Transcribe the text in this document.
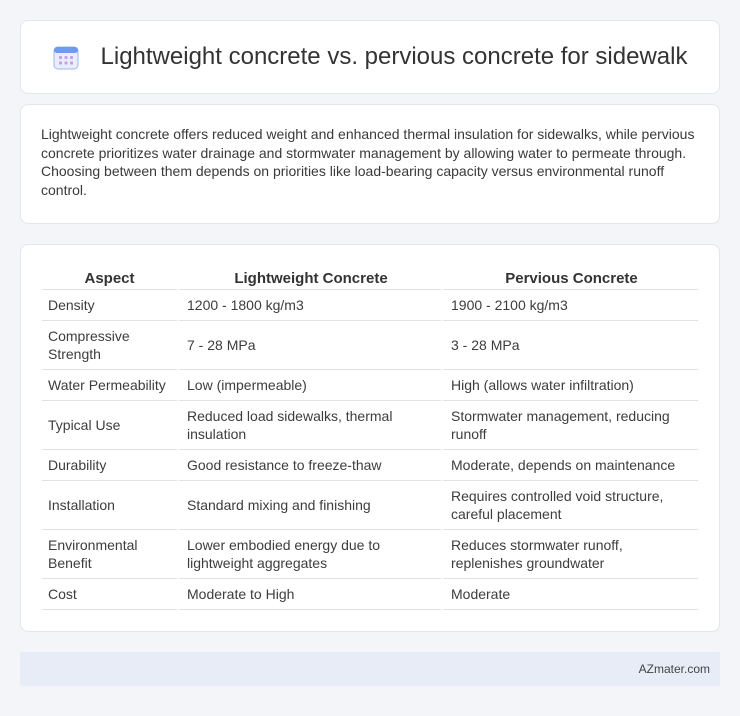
Lightweight concrete vs. pervious concrete for sidewalk

Lightweight concrete offers reduced weight and enhanced thermal insulation for sidewalks, while pervious concrete prioritizes water drainage and stormwater management by allowing water to permeate through. Choosing between them depends on priorities like load-bearing capacity versus environmental runoff control.

Aspect	Lightweight Concrete	Pervious Concrete
Density	1200 - 1800 kg/m3	1900 - 2100 kg/m3
Compressive Strength	7 - 28 MPa	3 - 28 MPa
Water Permeability	Low (impermeable)	High (allows water infiltration)
Typical Use	Reduced load sidewalks, thermal insulation	Stormwater management, reducing runoff
Durability	Good resistance to freeze-thaw	Moderate, depends on maintenance
Installation	Standard mixing and finishing	Requires controlled void structure, careful placement
Environmental Benefit	Lower embodied energy due to lightweight aggregates	Reduces stormwater runoff, replenishes groundwater
Cost	Moderate to High	Moderate
AZmater.com
